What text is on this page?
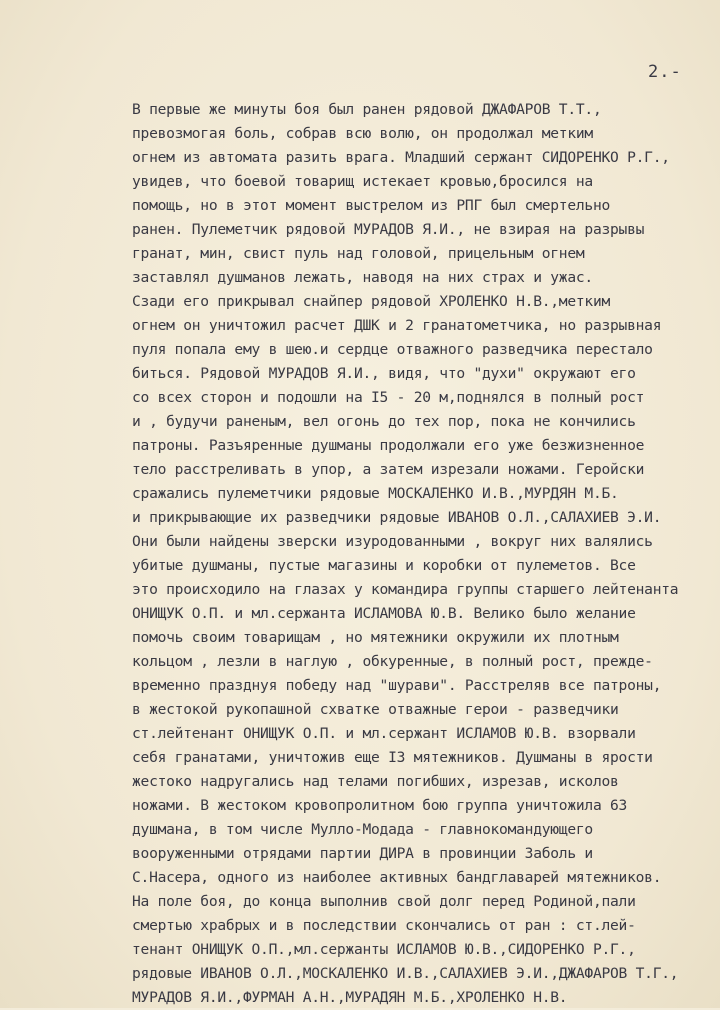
2.-
В первые же минуты боя был ранен рядовой ДЖАФАРОВ Т.Т.,
превозмогая боль, собрав всю волю, он продолжал метким
огнем из автомата разить врага. Младший сержант СИДОРЕНКО Р.Г.,
увидев, что боевой товарищ истекает кровью,бросился на
помощь, но в этот момент выстрелом из РПГ был смертельно
ранен. Пулеметчик рядовой МУРАДОВ Я.И., не взирая на разрывы
гранат, мин, свист пуль над головой, прицельным огнем
заставлял душманов лежать, наводя на них страх и ужас.
Сзади его прикрывал снайпер рядовой ХРОЛЕНКО Н.В.,метким
огнем он уничтожил расчет ДШК и 2 гранатометчика, но разрывная
пуля попала ему в шею.и сердце отважного разведчика перестало
биться. Рядовой МУРАДОВ Я.И., видя, что "духи" окружают его
со всех сторон и подошли на I5 - 20 м,поднялся в полный рост
и , будучи раненым, вел огонь до тех пор, пока не кончились
патроны. Разъяренные душманы продолжали его уже безжизненное
тело расстреливать в упор, а затем изрезали ножами. Геройски
сражались пулеметчики рядовые МОСКАЛЕНКО И.В.,МУРДЯН М.Б.
и прикрывающие их разведчики рядовые ИВАНОВ О.Л.,САЛАХИЕВ Э.И.
Они были найдены зверски изуродованными , вокруг них валялись
убитые душманы, пустые магазины и коробки от пулеметов. Все
это происходило на глазах у командира группы старшего лейтенанта
ОНИЩУК О.П. и мл.сержанта ИСЛАМОВА Ю.В. Велико было желание
помочь своим товарищам , но мятежники окружили их плотным
кольцом , лезли в наглую , обкуренные, в полный рост, прежде-
временно празднуя победу над "шурави". Расстреляв все патроны,
в жестокой рукопашной схватке отважные герои - разведчики
ст.лейтенант ОНИЩУК О.П. и мл.сержант ИСЛАМОВ Ю.В. взорвали
себя гранатами, уничтожив еще I3 мятежников. Душманы в ярости
жестоко надругались над телами погибших, изрезав, исколов
ножами. В жестоком кровопролитном бою группа уничтожила 63
душмана, в том числе Мулло-Модада - главнокомандующего
вооруженными отрядами партии ДИРА в провинции Заболь и
С.Насера, одного из наиболее активных бандглаварей мятежников.
На поле боя, до конца выполнив свой долг перед Родиной,пали
смертью храбрых и в последствии скончались от ран : ст.лей-
тенант ОНИЩУК О.П.,мл.сержанты ИСЛАМОВ Ю.В.,СИДОРЕНКО Р.Г.,
рядовые ИВАНОВ О.Л.,МОСКАЛЕНКО И.В.,САЛАХИЕВ Э.И.,ДЖАФАРОВ Т.Г.,
МУРАДОВ Я.И.,ФУРМАН А.Н.,МУРАДЯН М.Б.,ХРОЛЕНКО Н.В.
